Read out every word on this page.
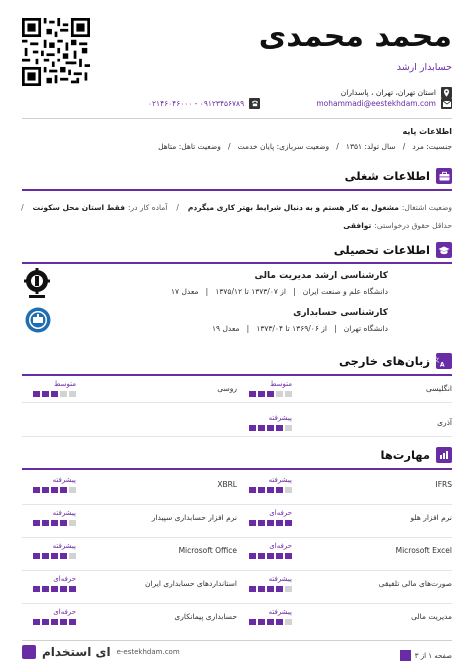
محمد محمدی
حسابدار ارشد
استان تهران، تهران ، پاسداران
mohammadi@eestekhdam.com
۰۹۱۲۳۴۵۶۷۸۹ - ۰۲۱۴۶۰۴۶۰۰۰
اطلاعات پایه
جنسیت: مرد   /   سال تولد: ۱۳۵۱   /   وضعیت سربازی: پایان خدمت   /   وضعیت تاهل: متاهل
اطلاعات شغلی
وضعیت اشتغال:
مشغول به کار هستم و به دنبال شرایط بهتر کاری میگردم
/
آماده کار در:
فقط استان محل سکونت
/
حداقل حقوق درخواستی:
توافقی
اطلاعات تحصیلی
کارشناسی ارشد مدیریت مالی
دانشگاه علم و صنعت ایران   |   از ۱۳۷۳/۰۷ تا ۱۳۷۵/۱۲   |   معدل ۱۷
کارشناسی حسابداری
دانشگاه تهران   |   از ۱۳۶۹/۰۶ تا ۱۳۷۳/۰۴   |   معدل ۱۹
文
A
زبان‌های خارجی
انگلیسی
متوسط
روسی
متوسط
آذری
پیشرفته
مهارت‌ها
IFRS
پیشرفته
XBRL
پیشرفته
نرم افزار هلو
حرفه‌ای
نرم افزار حسابداری سپیدار
پیشرفته
Microsoft Excel
حرفه‌ای
Microsoft Office
پیشرفته
صورت‌های مالی تلفیقی
پیشرفته
استانداردهای حسابداری ایران
حرفه‌ای
مدیریت مالی
پیشرفته
حسابداری پیمانکاری
حرفه‌ای
صفحه ۱ از ۳
ای استخدام e-estekhdam.com
